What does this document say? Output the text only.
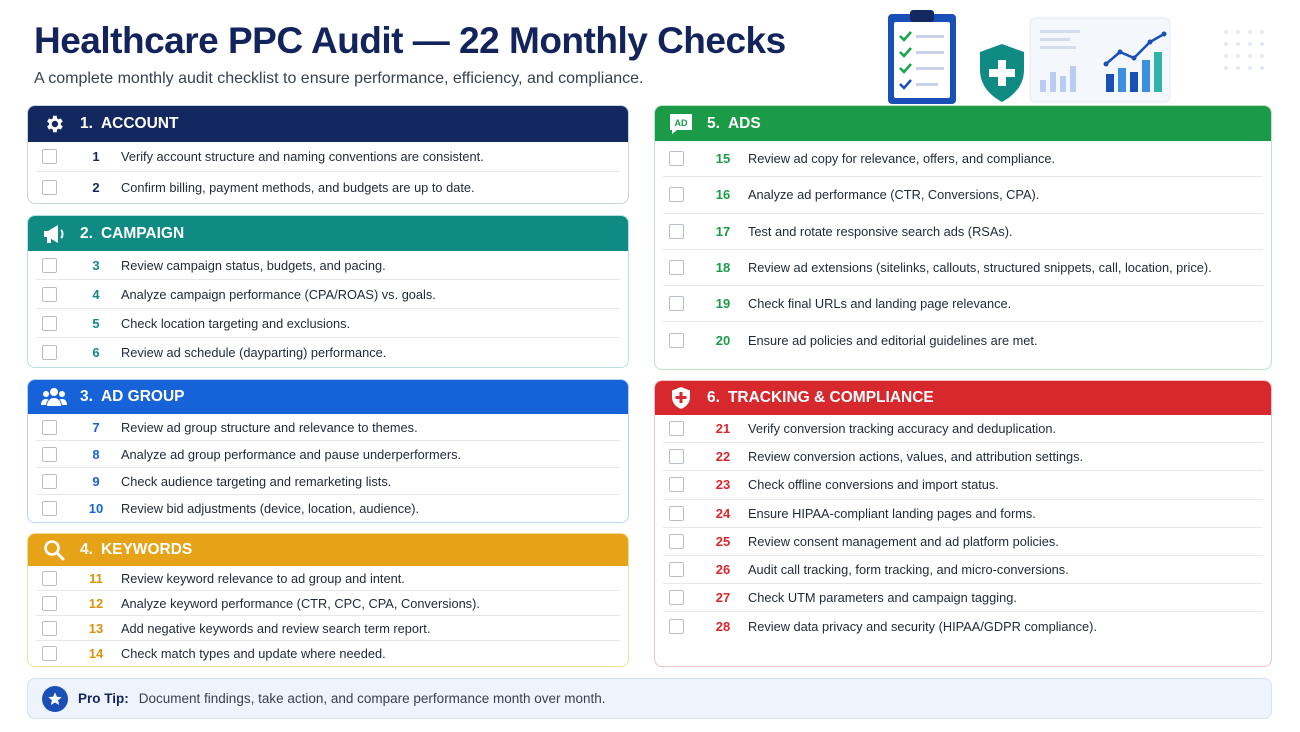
Healthcare PPC Audit — 22 Monthly Checks
A complete monthly audit checklist to ensure performance, efficiency, and compliance.
1. ACCOUNT
1	Verify account structure and naming conventions are consistent.
2	Confirm billing, payment methods, and budgets are up to date.
2. CAMPAIGN
3	Review campaign status, budgets, and pacing.
4	Analyze campaign performance (CPA/ROAS) vs. goals.
5	Check location targeting and exclusions.
6	Review ad schedule (dayparting) performance.
3. AD GROUP
7	Review ad group structure and relevance to themes.
8	Analyze ad group performance and pause underperformers.
9	Check audience targeting and remarketing lists.
10	Review bid adjustments (device, location, audience).
4. KEYWORDS
11	Review keyword relevance to ad group and intent.
12	Analyze keyword performance (CTR, CPC, CPA, Conversions).
13	Add negative keywords and review search term report.
14	Check match types and update where needed.
AD 5. ADS
15	Review ad copy for relevance, offers, and compliance.
16	Analyze ad performance (CTR, Conversions, CPA).
17	Test and rotate responsive search ads (RSAs).
18	Review ad extensions (sitelinks, callouts, structured snippets, call, location, price).
19	Check final URLs and landing page relevance.
20	Ensure ad policies and editorial guidelines are met.
6. TRACKING & COMPLIANCE
21	Verify conversion tracking accuracy and deduplication.
22	Review conversion actions, values, and attribution settings.
23	Check offline conversions and import status.
24	Ensure HIPAA-compliant landing pages and forms.
25	Review consent management and ad platform policies.
26	Audit call tracking, form tracking, and micro-conversions.
27	Check UTM parameters and campaign tagging.
28	Review data privacy and security (HIPAA/GDPR compliance).
Pro Tip: Document findings, take action, and compare performance month over month.
